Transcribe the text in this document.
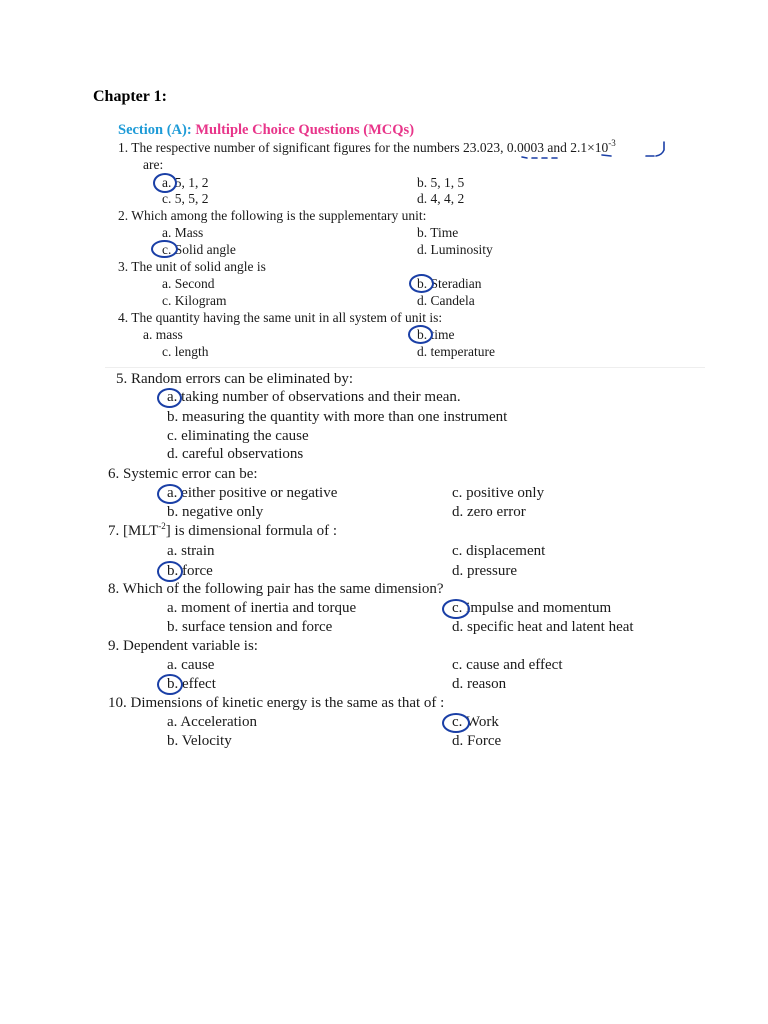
Chapter 1:
Section (A): Multiple Choice Questions (MCQs)
1. The respective number of significant figures for the numbers 23.023, 0.0003 and $2.1\times 10^{-3}$
are:
a. 5, 1, 2	b. 5, 1, 5
c. 5, 5, 2	d. 4, 4, 2
2. Which among the following is the supplementary unit:
a. Mass	b. Time
c. Solid angle	d. Luminosity
3. The unit of solid angle is
a. Second	b. Steradian
c. Kilogram	d. Candela
4. The quantity having the same unit in all system of unit is:
a. mass	b. time
c. length	d. temperature
5. Random errors can be eliminated by:
a. taking number of observations and their mean.
b. measuring the quantity with more than one instrument
c. eliminating the cause
d. careful observations
6. Systemic error can be:
a. either positive or negative	c. positive only
b. negative only	d. zero error
7. $[MLT^{-2}]$ is dimensional formula of :
a. strain	c. displacement
b. force	d. pressure
8. Which of the following pair has the same dimension?
a. moment of inertia and torque	c. impulse and momentum
b. surface tension and force	d. specific heat and latent heat
9. Dependent variable is:
a. cause	c. cause and effect
b. effect	d. reason
10. Dimensions of kinetic energy is the same as that of :
a. Acceleration	c. Work
b. Velocity	d. Force
